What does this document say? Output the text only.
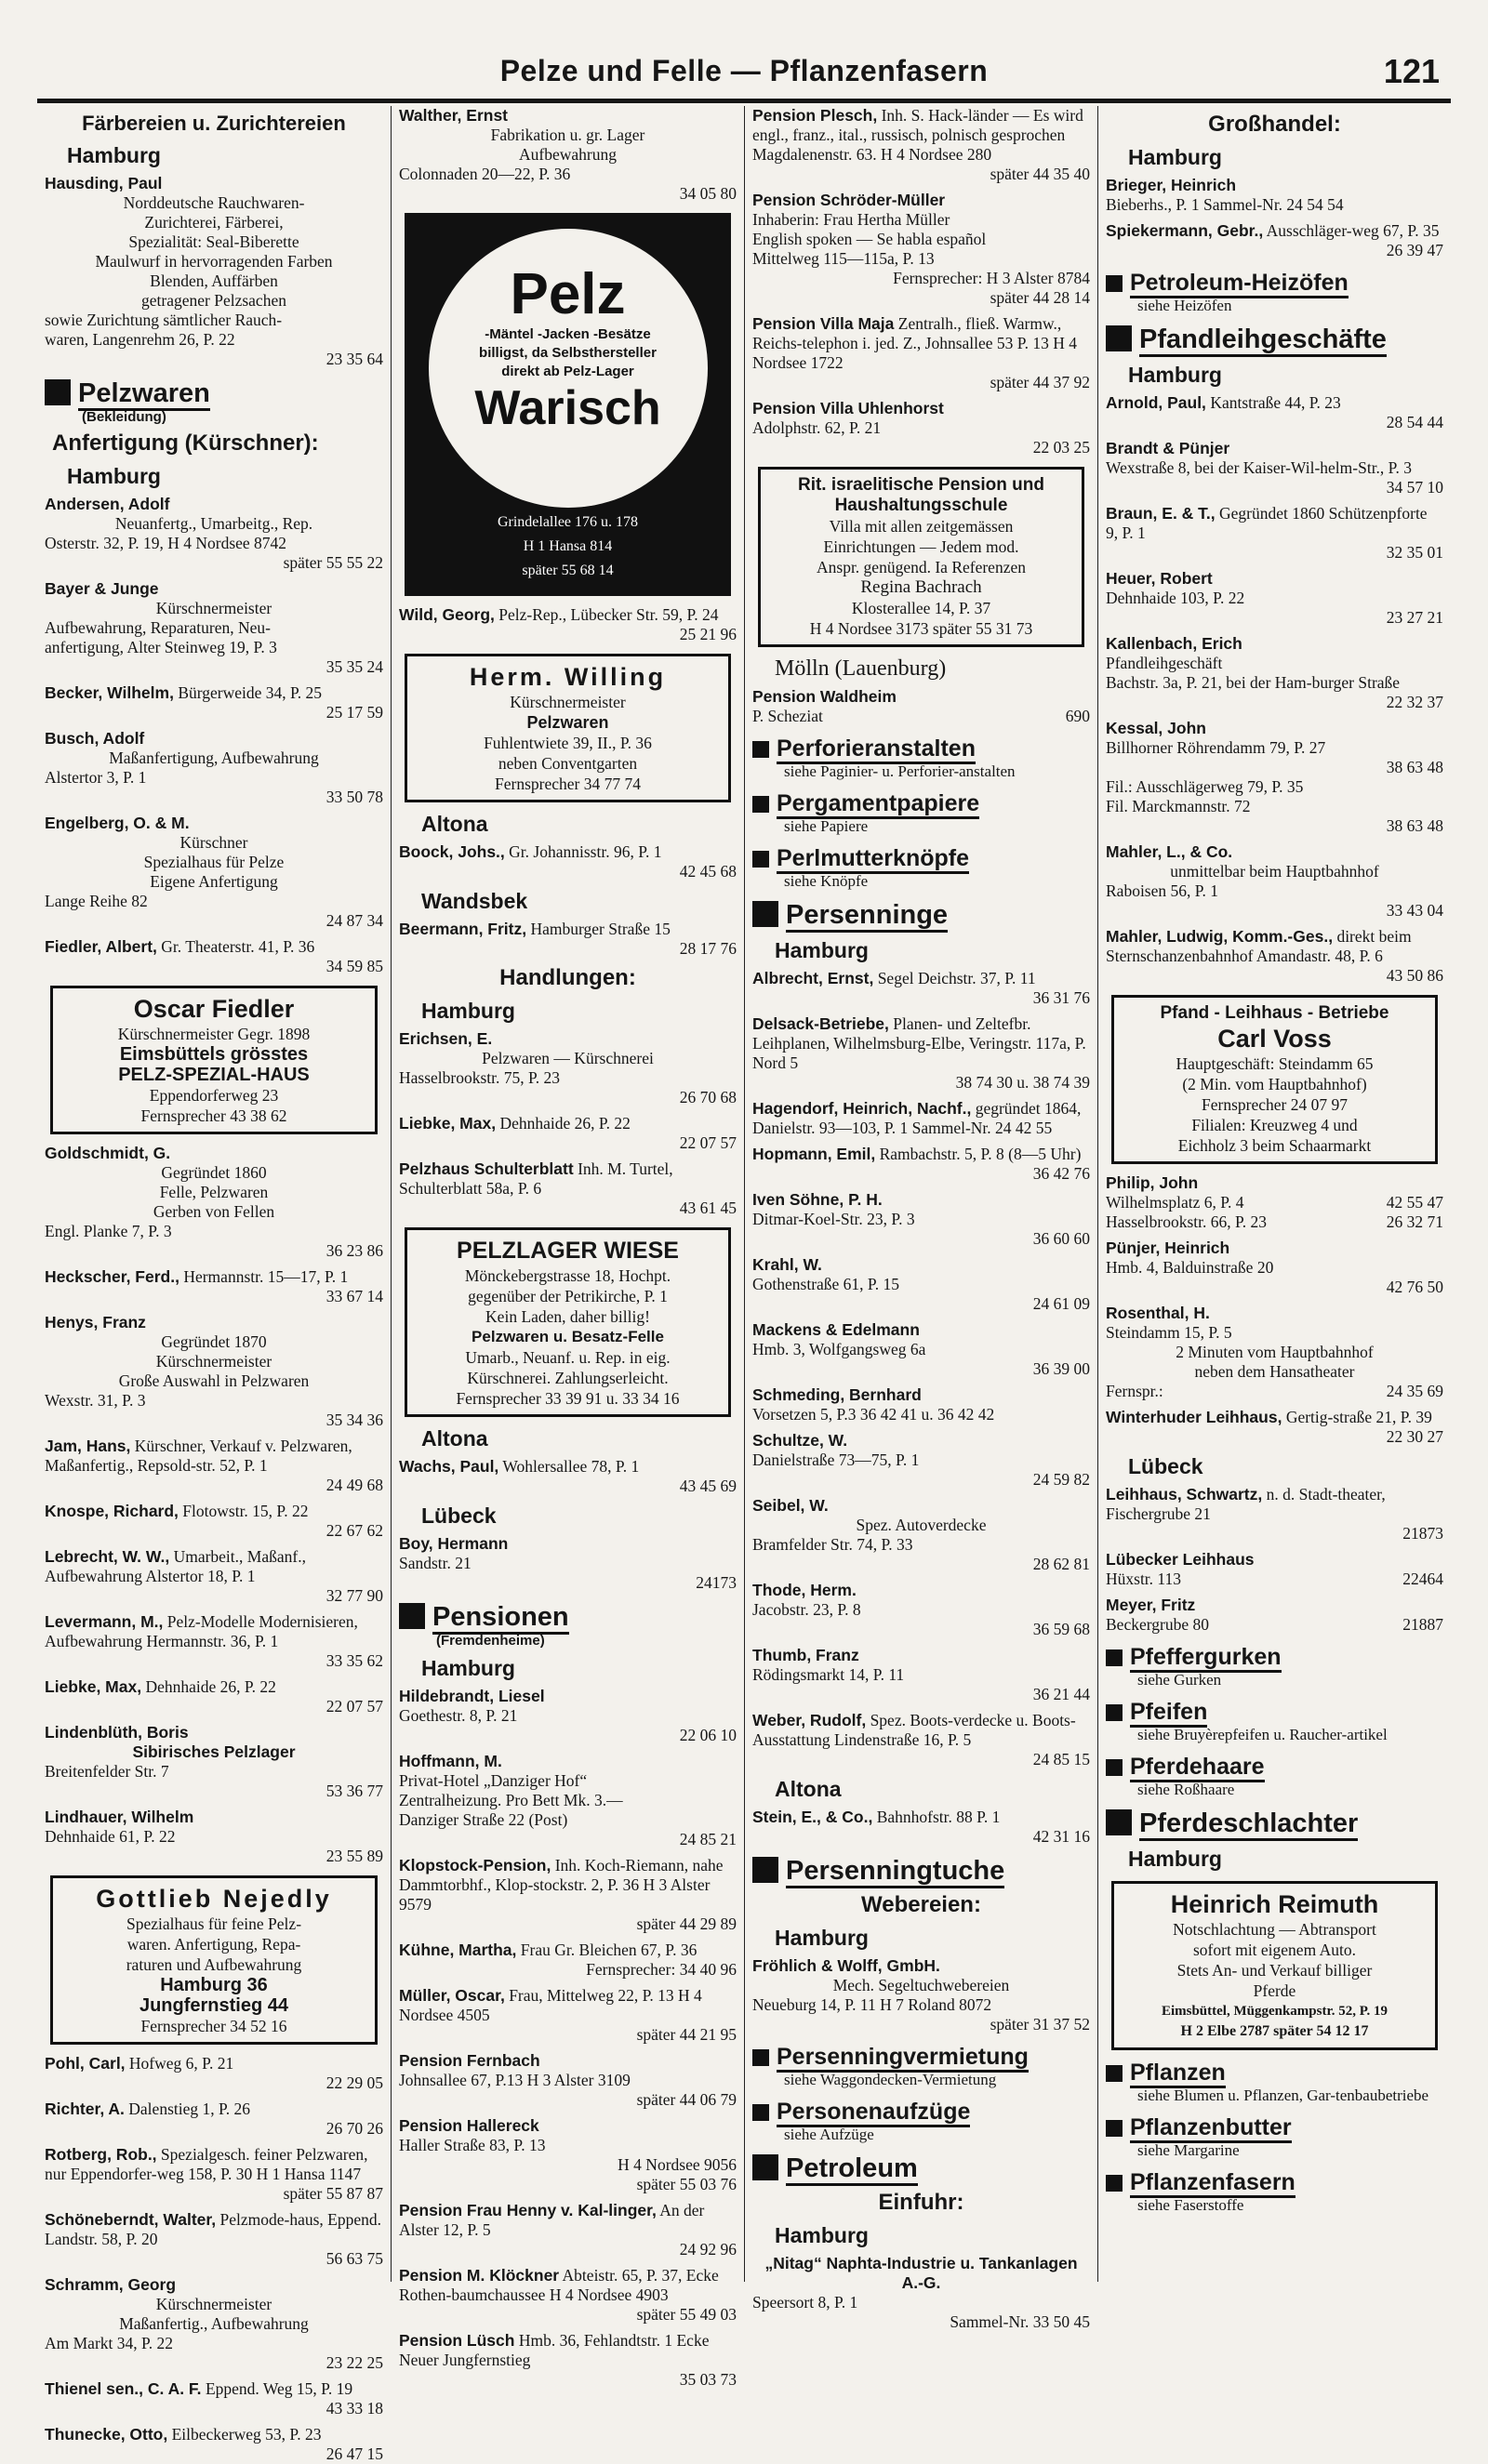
Pelze und Felle — Pflanzenfasern	121
Färbereien u. Zurichtereien
Hamburg
Hausding, Paul
Norddeutsche Rauchwaren-
Zurichterei, Färberei,
Spezialität: Seal-Biberette
Maulwurf in hervorragenden Farben
Blenden, Auffärben
getragener Pelzsachen
sowie Zurichtung sämtlicher Rauch-
waren, Langenrehm 26, P. 22
23 35 64
Pelzwaren
(Bekleidung)
Anfertigung (Kürschner):
Hamburg
Andersen, Adolf
Neuanfertg., Umarbeitg., Rep.
Osterstr. 32, P. 19, H 4 Nordsee 8742
später 55 55 22
Bayer & Junge
Kürschnermeister
Aufbewahrung, Reparaturen, Neu-
anfertigung, Alter Steinweg 19, P. 3
35 35 24
Becker, Wilhelm, Bürgerweide 34, P. 25
25 17 59
Busch, Adolf
Maßanfertigung, Aufbewahrung
Alstertor 3, P. 1
33 50 78
Engelberg, O. & M.
Kürschner
Spezialhaus für Pelze
Eigene Anfertigung
Lange Reihe 82
24 87 34
Fiedler, Albert, Gr. Theaterstr. 41, P. 36
34 59 85
Oscar Fiedler
Kürschnermeister Gegr. 1898
Eimsbüttels grösstes
PELZ-SPEZIAL-HAUS
Eppendorferweg 23
Fernsprecher 43 38 62
Goldschmidt, G.
Gegründet 1860
Felle, Pelzwaren
Gerben von Fellen
Engl. Planke 7, P. 3
36 23 86
Heckscher, Ferd., Hermannstr. 15—17, P. 1
33 67 14
Henys, Franz
Gegründet 1870
Kürschnermeister
Große Auswahl in Pelzwaren
Wexstr. 31, P. 3
35 34 36
Jam, Hans, Kürschner, Verkauf v. Pelzwaren, Maßanfertig., Repsold-str. 52, P. 1
24 49 68
Knospe, Richard, Flotowstr. 15, P. 22
22 67 62
Lebrecht, W. W., Umarbeit., Maßanf., Aufbewahrung Alstertor 18, P. 1
32 77 90
Levermann, M., Pelz-Modelle Modernisieren, Aufbewahrung Hermannstr. 36, P. 1
33 35 62
Liebke, Max, Dehnhaide 26, P. 22
22 07 57
Lindenblüth, Boris
Sibirisches Pelzlager
Breitenfelder Str. 7
53 36 77
Lindhauer, Wilhelm
Dehnhaide 61, P. 22
23 55 89
Gottlieb Nejedly
Spezialhaus für feine Pelz-
waren. Anfertigung, Repa-
raturen und Aufbewahrung
Hamburg 36
Jungfernstieg 44
Fernsprecher 34 52 16
Pohl, Carl, Hofweg 6, P. 21
22 29 05
Richter, A. Dalenstieg 1, P. 26
26 70 26
Rotberg, Rob., Spezialgesch. feiner Pelzwaren, nur Eppendorfer-weg 158, P. 30 H 1 Hansa 1147
später 55 87 87
Schöneberndt, Walter, Pelzmode-haus, Eppend. Landstr. 58, P. 20
56 63 75
Schramm, Georg
Kürschnermeister
Maßanfertig., Aufbewahrung
Am Markt 34, P. 22
23 22 25
Thienel sen., C. A. F. Eppend. Weg 15, P. 19
43 33 18
Thunecke, Otto, Eilbeckerweg 53, P. 23
26 47 15
Walther, Ernst
Fabrikation u. gr. Lager
Aufbewahrung
Colonnaden 20—22, P. 36
34 05 80
Pelz
-Mäntel -Jacken -Besätze
billigst, da Selbsthersteller
direkt ab Pelz-Lager
Warisch
Grindelallee 176 u. 178
H 1 Hansa 814
später 55 68 14
Wild, Georg, Pelz-Rep., Lübecker Str. 59, P. 24
25 21 96
Herm. Willing
Kürschnermeister
Pelzwaren
Fuhlentwiete 39, II., P. 36
neben Conventgarten
Fernsprecher 34 77 74
Altona
Boock, Johs., Gr. Johannisstr. 96, P. 1
42 45 68
Wandsbek
Beermann, Fritz, Hamburger Straße 15
28 17 76
Handlungen:
Hamburg
Erichsen, E.
Pelzwaren — Kürschnerei
Hasselbrookstr. 75, P. 23
26 70 68
Liebke, Max, Dehnhaide 26, P. 22
22 07 57
Pelzhaus Schulterblatt Inh. M. Turtel, Schulterblatt 58a, P. 6
43 61 45
PELZLAGER WIESE
Mönckebergstrasse 18, Hochpt.
gegenüber der Petrikirche, P. 1
Kein Laden, daher billig!
Pelzwaren u. Besatz-Felle
Umarb., Neuanf. u. Rep. in eig.
Kürschnerei. Zahlungserleicht.
Fernsprecher 33 39 91 u. 33 34 16
Altona
Wachs, Paul, Wohlersallee 78, P. 1
43 45 69
Lübeck
Boy, Hermann
Sandstr. 21
24173
Pensionen
(Fremdenheime)
Hamburg
Hildebrandt, Liesel
Goethestr. 8, P. 21
22 06 10
Hoffmann, M.
Privat-Hotel „Danziger Hof“
Zentralheizung. Pro Bett Mk. 3.—
Danziger Straße 22 (Post)
24 85 21
Klopstock-Pension, Inh. Koch-Riemann, nahe Dammtorbhf., Klop-stockstr. 2, P. 36 H 3 Alster 9579
später 44 29 89
Kühne, Martha, Frau Gr. Bleichen 67, P. 36
Fernsprecher: 34 40 96
Müller, Oscar, Frau, Mittelweg 22, P. 13 H 4 Nordsee 4505
später 44 21 95
Pension Fernbach
Johnsallee 67, P.13 H 3 Alster 3109
später 44 06 79
Pension Hallereck
Haller Straße 83, P. 13
H 4 Nordsee 9056
später 55 03 76
Pension Frau Henny v. Kal-linger, An der Alster 12, P. 5
24 92 96
Pension M. Klöckner Abteistr. 65, P. 37, Ecke Rothen-baumchaussee H 4 Nordsee 4903
später 55 49 03
Pension Lüsch Hmb. 36, Fehlandtstr. 1 Ecke Neuer Jungfernstieg
35 03 73
Pension Plesch, Inh. S. Hack-länder — Es wird engl., franz., ital., russisch, polnisch gesprochen Magdalenenstr. 63. H 4 Nordsee 280
später 44 35 40
Pension Schröder-Müller
Inhaberin: Frau Hertha Müller
English spoken — Se habla español
Mittelweg 115—115a, P. 13
Fernsprecher: H 3 Alster 8784
später 44 28 14
Pension Villa Maja Zentralh., fließ. Warmw., Reichs-telephon i. jed. Z., Johnsallee 53 P. 13 H 4 Nordsee 1722
später 44 37 92
Pension Villa Uhlenhorst
Adolphstr. 62, P. 21
22 03 25
Rit. israelitische Pension und
Haushaltungsschule
Villa mit allen zeitgemässen
Einrichtungen — Jedem mod.
Anspr. genügend. Ia Referenzen
Regina Bachrach
Klosterallee 14, P. 37
H 4 Nordsee 3173 später 55 31 73
Mölln (Lauenburg)
Pension Waldheim
P. Scheziat	690
Perforieranstalten
siehe Paginier- u. Perforier-anstalten
Pergamentpapiere
siehe Papiere
Perlmutterknöpfe
siehe Knöpfe
Persenninge
Hamburg
Albrecht, Ernst, Segel Deichstr. 37, P. 11
36 31 76
Delsack-Betriebe, Planen- und Zeltefbr. Leihplanen, Wilhelmsburg-Elbe, Veringstr. 117a, P. Nord 5
38 74 30 u. 38 74 39
Hagendorf, Heinrich, Nachf., gegründet 1864, Danielstr. 93—103, P. 1 Sammel-Nr. 24 42 55
Hopmann, Emil, Rambachstr. 5, P. 8 (8—5 Uhr)
36 42 76
Iven Söhne, P. H.
Ditmar-Koel-Str. 23, P. 3
36 60 60
Krahl, W.
Gothenstraße 61, P. 15
24 61 09
Mackens & Edelmann
Hmb. 3, Wolfgangsweg 6a
36 39 00
Schmeding, Bernhard
Vorsetzen 5, P.3 36 42 41 u. 36 42 42
Schultze, W.
Danielstraße 73—75, P. 1
24 59 82
Seibel, W.
Spez. Autoverdecke
Bramfelder Str. 74, P. 33
28 62 81
Thode, Herm.
Jacobstr. 23, P. 8
36 59 68
Thumb, Franz
Rödingsmarkt 14, P. 11
36 21 44
Weber, Rudolf, Spez. Boots-verdecke u. Boots-Ausstattung Lindenstraße 16, P. 5
24 85 15
Altona
Stein, E., & Co., Bahnhofstr. 88 P. 1
42 31 16
Persenningtuche
Webereien:
Hamburg
Fröhlich & Wolff, GmbH.
Mech. Segeltuchwebereien
Neueburg 14, P. 11 H 7 Roland 8072
später 31 37 52
Persenningvermietung
siehe Waggondecken-Vermietung
Personenaufzüge
siehe Aufzüge
Petroleum
Einfuhr:
Hamburg
„Nitag“ Naphta-Industrie u. Tankanlagen A.-G.
Speersort 8, P. 1
Sammel-Nr. 33 50 45
Großhandel:
Hamburg
Brieger, Heinrich
Bieberhs., P. 1 Sammel-Nr. 24 54 54
Spiekermann, Gebr., Ausschläger-weg 67, P. 35
26 39 47
Petroleum-Heizöfen
siehe Heizöfen
Pfandleihgeschäfte
Hamburg
Arnold, Paul, Kantstraße 44, P. 23
28 54 44
Brandt & Pünjer
Wexstraße 8, bei der Kaiser-Wil-helm-Str., P. 3
34 57 10
Braun, E. & T., Gegründet 1860 Schützenpforte 9, P. 1
32 35 01
Heuer, Robert
Dehnhaide 103, P. 22
23 27 21
Kallenbach, Erich
Pfandleihgeschäft
Bachstr. 3a, P. 21, bei der Ham-burger Straße
22 32 37
Kessal, John
Billhorner Röhrendamm 79, P. 27
38 63 48
Fil.: Ausschlägerweg 79, P. 35
Fil. Marckmannstr. 72
38 63 48
Mahler, L., & Co.
unmittelbar beim Hauptbahnhof
Raboisen 56, P. 1
33 43 04
Mahler, Ludwig, Komm.-Ges., direkt beim Sternschanzenbahnhof Amandastr. 48, P. 6
43 50 86
Pfand - Leihhaus - Betriebe
Carl Voss
Hauptgeschäft: Steindamm 65
(2 Min. vom Hauptbahnhof)
Fernsprecher 24 07 97
Filialen: Kreuzweg 4 und
Eichholz 3 beim Schaarmarkt
Philip, John
Wilhelmsplatz 6, P. 4	42 55 47
Hasselbrookstr. 66, P. 23	26 32 71
Pünjer, Heinrich
Hmb. 4, Balduinstraße 20
42 76 50
Rosenthal, H.
Steindamm 15, P. 5
2 Minuten vom Hauptbahnhof
neben dem Hansatheater
Fernspr.:	24 35 69
Winterhuder Leihhaus, Gertig-straße 21, P. 39
22 30 27
Lübeck
Leihhaus, Schwartz, n. d. Stadt-theater, Fischergrube 21
21873
Lübecker Leihhaus
Hüxstr. 113	22464
Meyer, Fritz
Beckergrube 80	21887
Pfeffergurken
siehe Gurken
Pfeifen
siehe Bruyèrepfeifen u. Raucher-artikel
Pferdehaare
siehe Roßhaare
Pferdeschlachter
Hamburg
Heinrich Reimuth
Notschlachtung — Abtransport
sofort mit eigenem Auto.
Stets An- und Verkauf billiger
Pferde
Eimsbüttel, Müggenkampstr. 52, P. 19
H 2 Elbe 2787 später 54 12 17
Pflanzen
siehe Blumen u. Pflanzen, Gar-tenbaubetriebe
Pflanzenbutter
siehe Margarine
Pflanzenfasern
siehe Faserstoffe
